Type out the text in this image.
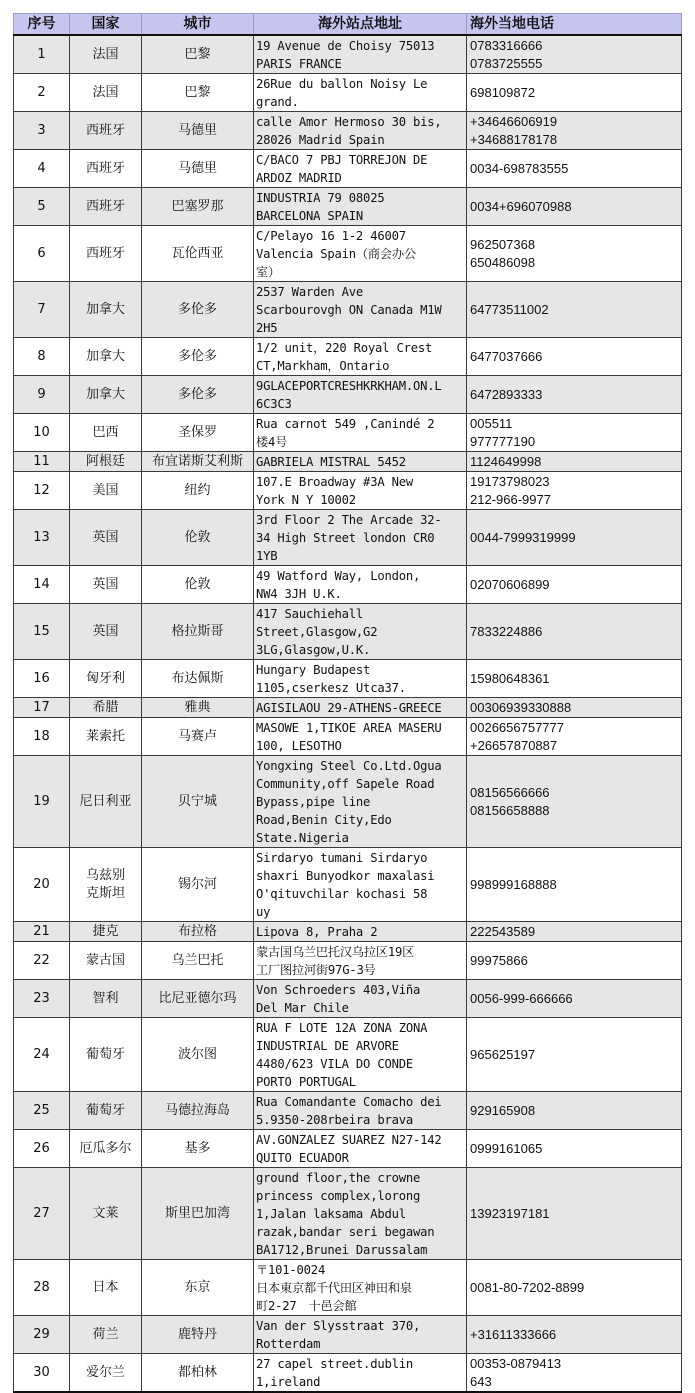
序号	国家	城市	海外站点地址	海外当地电话
1	法国	巴黎	19 Avenue de Choisy 75013
PARIS FRANCE	0783316666
0783725555
2	法国	巴黎	26Rue du ballon Noisy Le
grand.	698109872
3	西班牙	马德里	calle Amor Hermoso 30 bis,
28026 Madrid Spain	+34646606919
+34688178178
4	西班牙	马德里	C/BACO 7 PBJ TORREJON DE
ARDOZ MADRID	0034-698783555
5	西班牙	巴塞罗那	INDUSTRIA 79 08025
BARCELONA SPAIN	0034+696070988
6	西班牙	瓦伦西亚	C/Pelayo 16 1-2 46007
Valencia Spain（商会办公
室）	962507368
650486098
7	加拿大	多伦多	2537 Warden Ave
Scarbourovgh ON Canada M1W
2H5	64773511002
8	加拿大	多伦多	1/2 unit，220 Royal Crest
CT,Markham，Ontario	6477037666
9	加拿大	多伦多	9GLACEPORTCRESHKRKHAM.ON.L
6C3C3	6472893333
10	巴西	圣保罗	Rua carnot 549 ,Canindé 2
楼4号	005511
977777190
11	阿根廷	布宜诺斯艾利斯	GABRIELA MISTRAL 5452	1124649998
12	美国	纽约	107.E Broadway #3A New
York N Y 10002	19173798023
212-966-9977
13	英国	伦敦	3rd Floor 2 The Arcade 32-
34 High Street london CR0
1YB	0044-7999319999
14	英国	伦敦	49 Watford Way, London,
NW4 3JH U.K.	02070606899
15	英国	格拉斯哥	417 Sauchiehall
Street,Glasgow,G2
3LG,Glasgow,U.K.	7833224886
16	匈牙利	布达佩斯	Hungary Budapest
1105,cserkesz Utca37.	15980648361
17	希腊	雅典	AGISILAOU 29-ATHENS-GREECE	00306939330888
18	莱索托	马赛卢	MASOWE 1,TIKOE AREA MASERU
100, LESOTHO	0026656757777
+26657870887
19	尼日利亚	贝宁城	Yongxing Steel Co.Ltd.Ogua
Community,off Sapele Road
Bypass,pipe line
Road,Benin City,Edo
State.Nigeria	08156566666
08156658888
20	乌兹别
克斯坦	锡尔河	Sirdaryo tumani Sirdaryo
shaxri Bunyodkor maxalasi
O'qituvchilar kochasi 58
uy	998999168888
21	捷克	布拉格	Lipova 8, Praha 2	222543589
22	蒙古国	乌兰巴托	蒙古国乌兰巴托汉乌拉区19区
工厂图拉河街97G-3号	99975866
23	智利	比尼亚德尔玛	Von Schroeders 403,Viña
Del Mar Chile	0056-999-666666
24	葡萄牙	波尔图	RUA F LOTE 12A ZONA ZONA
INDUSTRIAL DE ARVORE
4480/623 VILA DO CONDE
PORTO PORTUGAL	965625197
25	葡萄牙	马德拉海岛	Rua Comandante Comacho dei
5.9350-208rbeira brava	929165908
26	厄瓜多尔	基多	AV.GONZALEZ SUAREZ N27-142
QUITO ECUADOR	0999161065
27	文莱	斯里巴加湾	ground floor,the crowne
princess complex,lorong
1,Jalan laksama Abdul
razak,bandar seri begawan
BA1712,Brunei Darussalam	13923197181
28	日本	东京	〒101-0024
日本東京都千代田区神田和泉
町2-27　十邑会館	0081-80-7202-8899
29	荷兰	鹿特丹	Van der Slysstraat 370,
Rotterdam	+31611333666
30	爱尔兰	都柏林	27 capel street.dublin
1,ireland	00353-0879413
643
